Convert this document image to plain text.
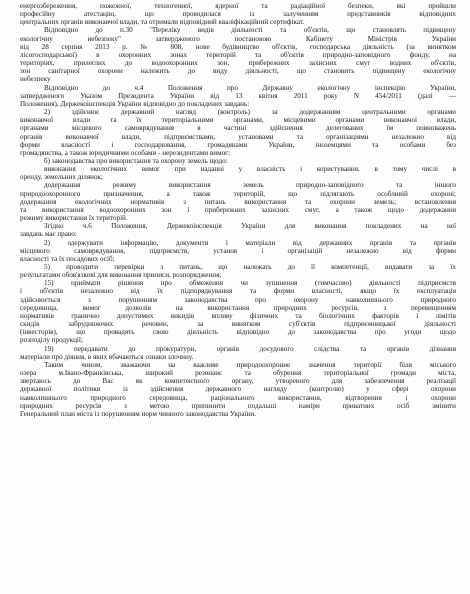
енергозбереження, пожежної, техногенної, ядерної та радіаційної безпеки, які пройшли
професійну атестацію, що проводилася із залученням представників відповідних
центральних органів виконавчої влади, та отримали відповідний кваліфікаційний сертифікат.
Відповідно до п.30 "Переліку видів діяльності та об'єктів, що становлять підвищену
екологічну небезпеку" затвердженого постановою Кабінету Міністрів України
від 28 серпня 2013 р. № 808, нове будівництво об'єктів, господарська діяльність (за винятком
лісогосподарської) в охоронних зонах територій та об'єктів природно-заповідного фонду, на
територіях, прилеглих до водоохоронних зон, прибережних захисних смуг водних об'єктів,
зон санітарної охорони належить до виду діяльності, що становить підвищену екологічну
небезпеку
Відповідно до ч.4 Положення про Державну екологічну інспекцію України,
затвердженого Указом Президента України від 13 квітня 2011 року N 454/2011 (далі —
Положення), Держекоінспекція України відповідно до покладених завдань:
2) здійснює державний нагляд (контроль) за додержанням центральними органами
виконавчої влади та їх територіальними органами, місцевими органами виконавчої влади,
органами місцевого самоврядування в частині здійснення делегованих їм повноважень
органів виконавчої влади, підприємствами, установами та організаціями незалежно від
форми власності і господарювання, громадянами України, іноземцями та особами без
громадянства, а також юридичними особами - нерезидентами вимог:
б) законодавства про використання та охорону земель щодо:
виконання екологічних вимог при наданні у власність і користування, в тому числі в
оренду, земельних ділянок;
додержання режиму використання земель природно-заповідного та іншого
природоохоронного призначення, а також територій, що підлягають особливій охороні;
додержання екологічних нормативів з питань використання та охорони земель; встановлення
та використання водоохоронних зон і прибережних захисних смуг, а також щодо додержання
режиму використання їх територій.
Згідно ч.6 Положення, Держекоінспекція України для виконання покладених на неї
завдань має право:
2) одержувати інформацію, документи і матеріали від державних органів та органів
місцевого самоврядування, підприємств, установ і організацій незалежно від форми
власності та їх посадових осіб;
5) проводити перевірки з питань, що належать до її компетенції, видавати за їх
результатами обов'язкові для виконання приписи, розпорядження;
15) приймати рішення про обмеження чи зупинення (тимчасово) діяльності підприємств
і об'єктів незалежно від їх підпорядкування та форми власності, якщо їх експлуатація
здійснюється з порушенням законодавства про охорону навколишнього природного
середовища, вимог дозволів на використання природних ресурсів, з перевищенням
нормативів гранично допустимих викидів впливу фізичних та біологічних факторів і лімітів
скидів забруднюючих речовин, за винятком суб'єктів підприємницької діяльності
(інвесторів), що провадять свою діяльність відповідно до законодавства про угоди щодо
розподілу продукції;
19) передавати до прокуратури, органів досудового слідства та органів дізнання
матеріали про діяння, в яких вбачаються ознаки злочину.
Таким чином, зважаючи на важливе природоохоронне значення території біля міського
озера м.Івано-Франківська, широкий резонанс та обурення територіальної громади міста,
звертаюсь до Вас як компетентного органу, утвореного для забезпечення реалізації
державної політики із здійснення державного нагляду (контролю) у сфері охорони
навколишнього природного середовища, раціонального використання, відтворення і охорони
природних ресурсів з метою припинити подальші наміри приватних осіб змінити
Генеральний план міста із порушенням норм чинного законодавства України.
